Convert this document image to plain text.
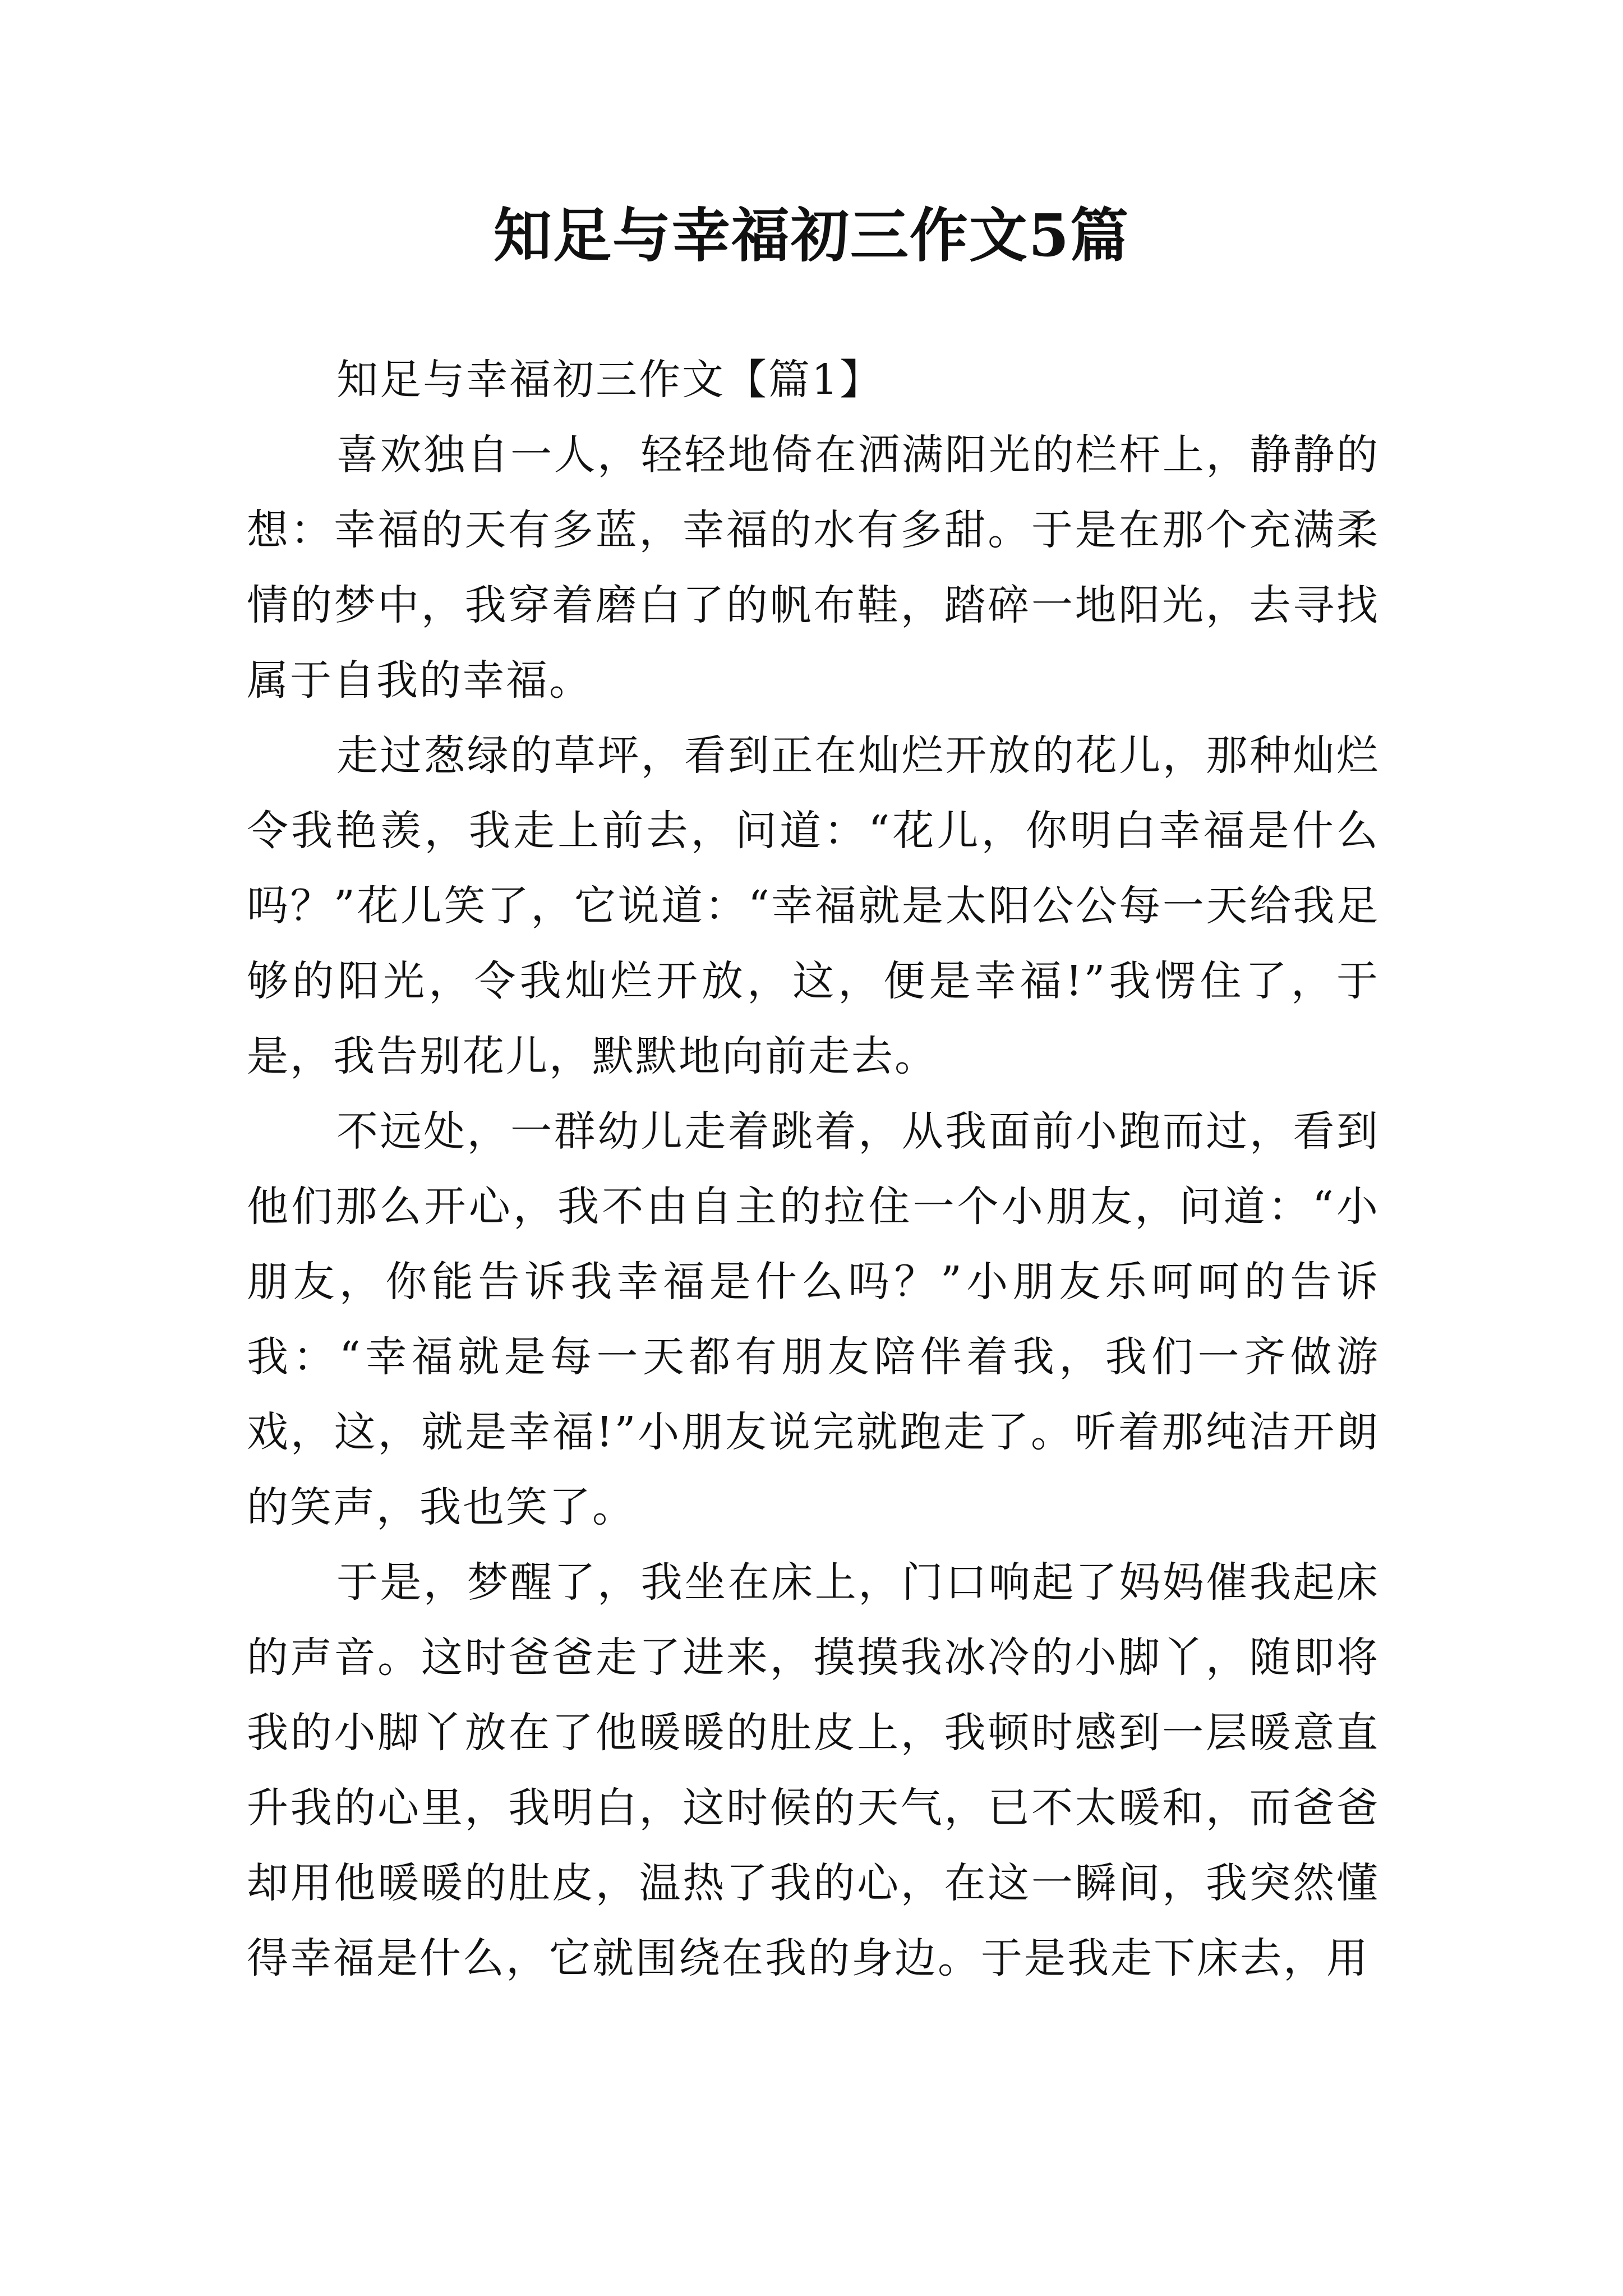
知足与幸福初三作文5篇

知足与幸福初三作文【篇1】

喜欢独自一人，轻轻地倚在洒满阳光的栏杆上，静静的想：幸福的天有多蓝，幸福的水有多甜。于是在那个充满柔情的梦中，我穿着磨白了的帆布鞋，踏碎一地阳光，去寻找属于自我的幸福。

走过葱绿的草坪，看到正在灿烂开放的花儿，那种灿烂令我艳羡，我走上前去，问道：“花儿，你明白幸福是什么吗？”花儿笑了，它说道：“幸福就是太阳公公每一天给我足够的阳光，令我灿烂开放，这，便是幸福!”我愣住了，于是，我告别花儿，默默地向前走去。

不远处，一群幼儿走着跳着，从我面前小跑而过，看到他们那么开心，我不由自主的拉住一个小朋友，问道：“小朋友，你能告诉我幸福是什么吗？”小朋友乐呵呵的告诉我：“幸福就是每一天都有朋友陪伴着我，我们一齐做游戏，这，就是幸福!”小朋友说完就跑走了。听着那纯洁开朗的笑声，我也笑了。

于是，梦醒了，我坐在床上，门口响起了妈妈催我起床的声音。这时爸爸走了进来，摸摸我冰冷的小脚丫，随即将我的小脚丫放在了他暖暖的肚皮上，我顿时感到一层暖意直升我的心里，我明白，这时候的天气，已不太暖和，而爸爸却用他暖暖的肚皮，温热了我的心，在这一瞬间，我突然懂得幸福是什么，它就围绕在我的身边。于是我走下床去，用
